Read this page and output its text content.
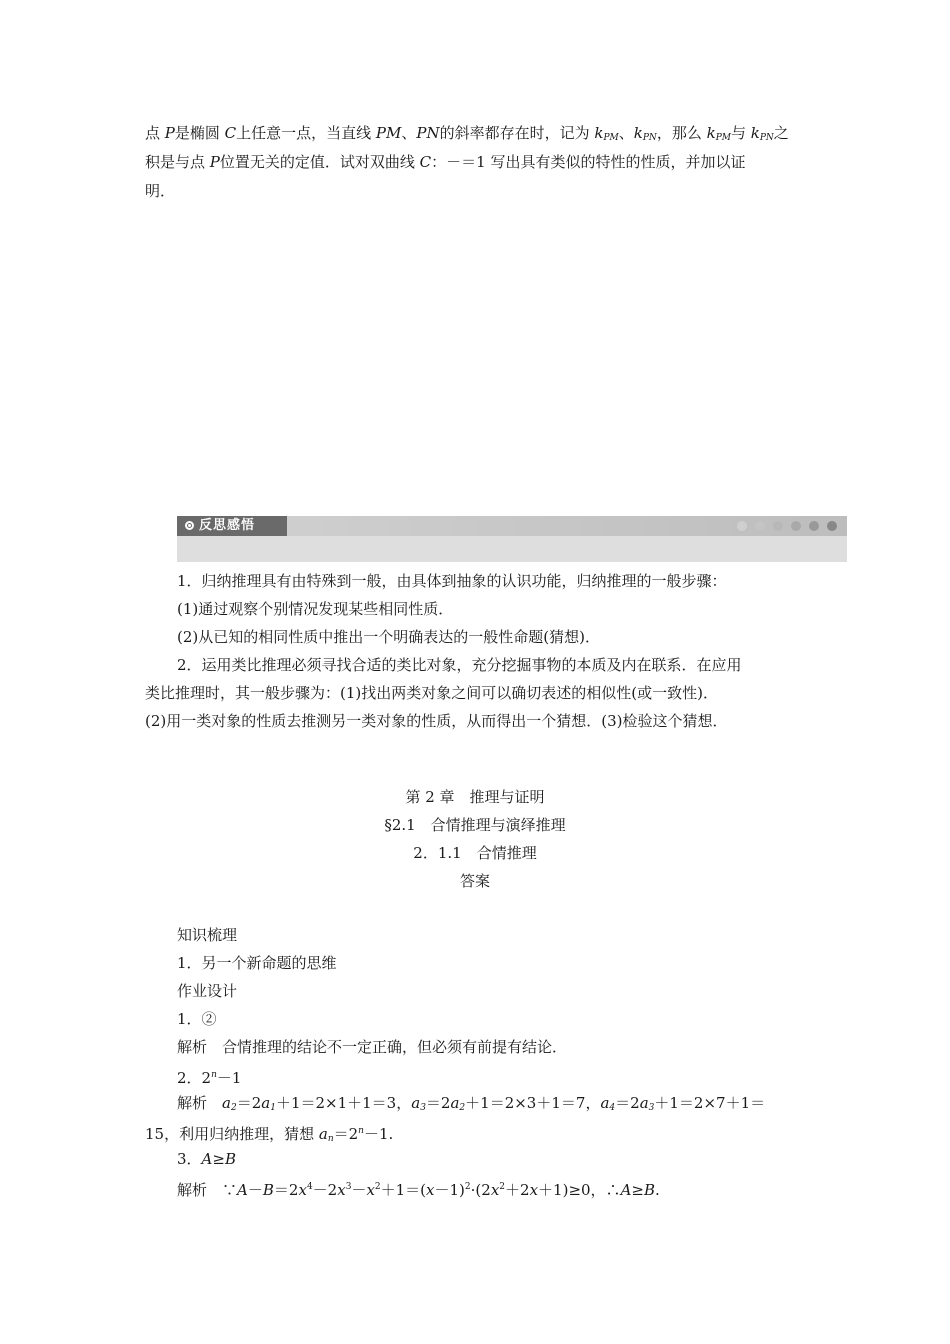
点 P是椭圆 C上任意一点，当直线 PM、PN的斜率都存在时，记为 $k_{PM}$、$k_{PN}$，那么 $k_{PM}$与 $k_{PN}$之
积是与点 P位置无关的定值．试对双曲线 C：－＝1 写出具有类似的特性的性质，并加以证
明．
反思感悟
1．归纳推理具有由特殊到一般，由具体到抽象的认识功能，归纳推理的一般步骤：
(1)通过观察个别情况发现某些相同性质．
(2)从已知的相同性质中推出一个明确表达的一般性命题(猜想)．
2．运用类比推理必须寻找合适的类比对象，充分挖掘事物的本质及内在联系．在应用
类比推理时，其一般步骤为：(1)找出两类对象之间可以确切表述的相似性(或一致性)．
(2)用一类对象的性质去推测另一类对象的性质，从而得出一个猜想．(3)检验这个猜想．
第 2 章　推理与证明
§2.1　合情推理与演绎推理
2．1.1　合情推理
答案
知识梳理
1．另一个新命题的思维
作业设计
1．②
解析　合情推理的结论不一定正确，但必须有前提有结论．
2．$2^n-1$
解析　$a_2=2a_1+1=2\times 1+1=3$，$a_3=2a_2+1=2\times 3+1=7$，$a_4=2a_3+1=2\times 7+1=$
15，利用归纳推理，猜想 $a_n=2^n-1$.
3．A≥B
解析　$\because A-B=2x^4-2x^3-x^2+1=(x-1)^2\cdot(2x^2+2x+1)\ge 0$，∴A≥B.
